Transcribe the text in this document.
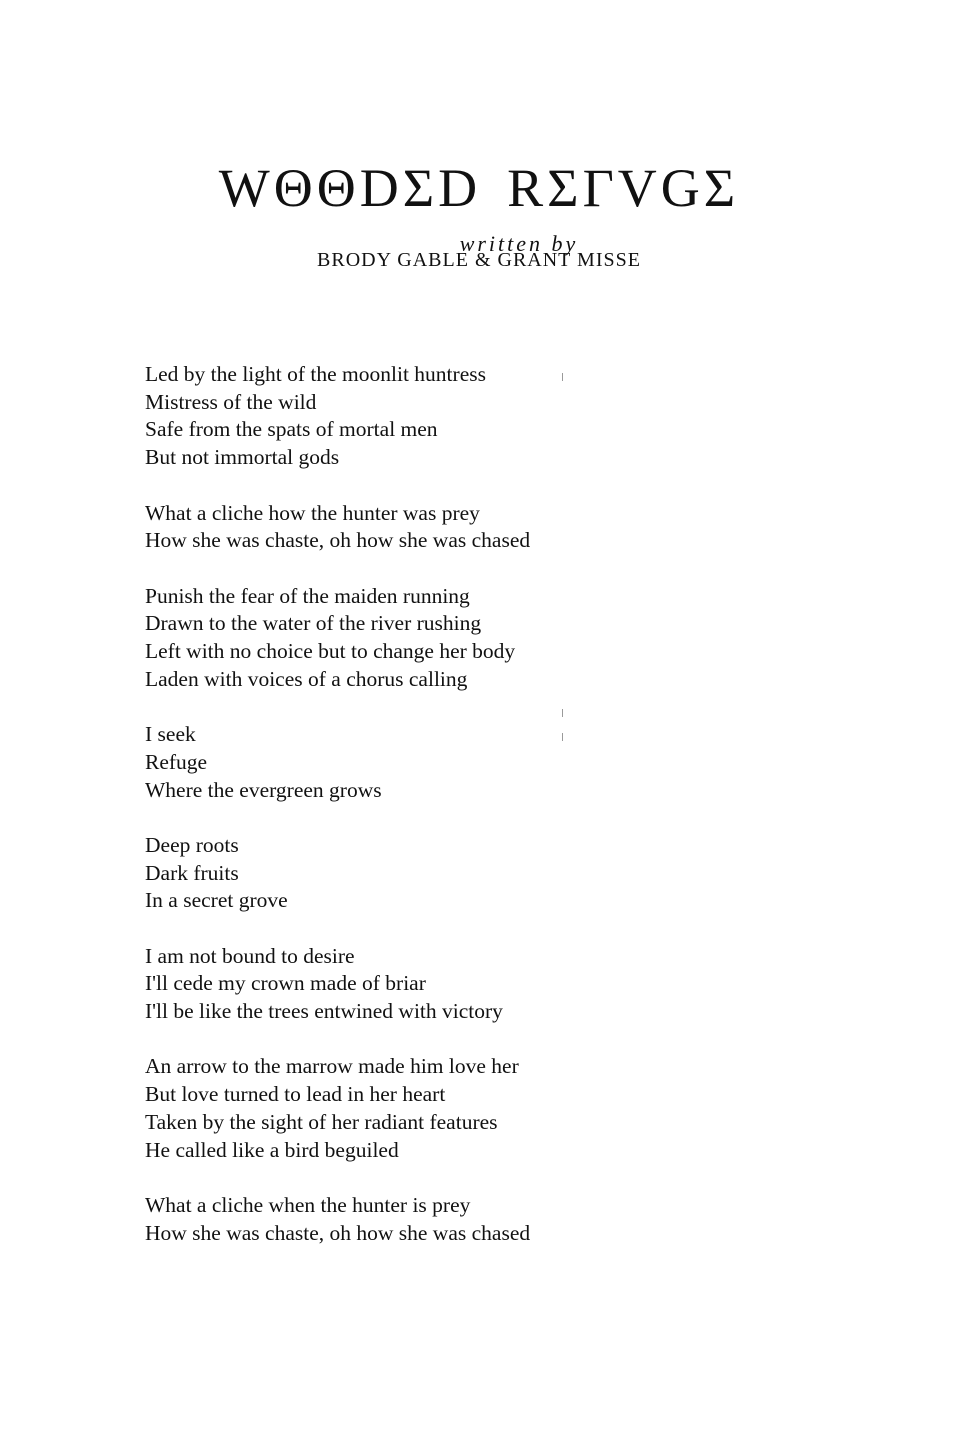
WΘΘDΣD RΣΓVGΣ
written by
BRODY GABLE & GRANT MISSE
Led by the light of the moonlit huntress
Mistress of the wild
Safe from the spats of mortal men
But not immortal gods
What a cliche how the hunter was prey
How she was chaste, oh how she was chased
Punish the fear of the maiden running
Drawn to the water of the river rushing
Left with no choice but to change her body
Laden with voices of a chorus calling
I seek
Refuge
Where the evergreen grows
Deep roots
Dark fruits
In a secret grove
I am not bound to desire
I'll cede my crown made of briar
I'll be like the trees entwined with victory
An arrow to the marrow made him love her
But love turned to lead in her heart
Taken by the sight of her radiant features
He called like a bird beguiled
What a cliche when the hunter is prey
How she was chaste, oh how she was chased
